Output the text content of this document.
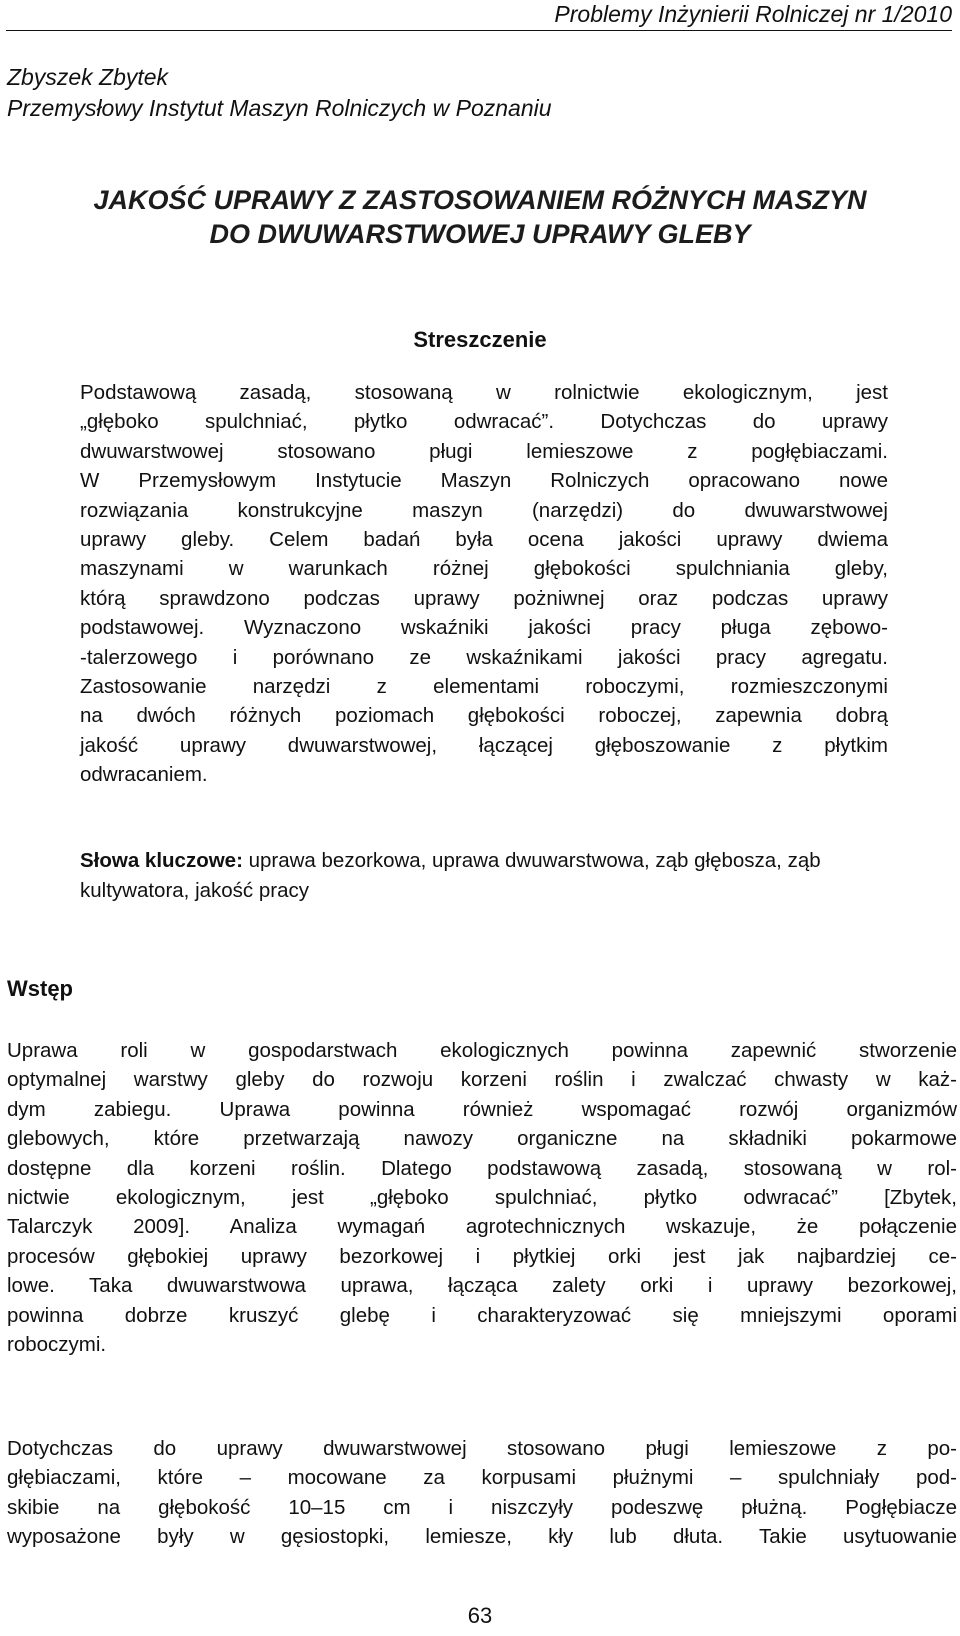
Problemy Inżynierii Rolniczej nr 1/2010
Zbyszek Zbytek
Przemysłowy Instytut Maszyn Rolniczych w Poznaniu
JAKOŚĆ UPRAWY Z ZASTOSOWANIEM RÓŻNYCH MASZYN
DO DWUWARSTWOWEJ UPRAWY GLEBY
Streszczenie
Podstawową zasadą, stosowaną w rolnictwie ekologicznym, jest
„głęboko spulchniać, płytko odwracać”. Dotychczas do uprawy
dwuwarstwowej stosowano pługi lemieszowe z pogłębiaczami.
W Przemysłowym Instytucie Maszyn Rolniczych opracowano nowe
rozwiązania konstrukcyjne maszyn (narzędzi) do dwuwarstwowej
uprawy gleby. Celem badań była ocena jakości uprawy dwiema
maszynami w warunkach różnej głębokości spulchniania gleby,
którą sprawdzono podczas uprawy pożniwnej oraz podczas uprawy
podstawowej. Wyznaczono wskaźniki jakości pracy pługa zębowo-
-talerzowego i porównano ze wskaźnikami jakości pracy agregatu.
Zastosowanie narzędzi z elementami roboczymi, rozmieszczonymi
na dwóch różnych poziomach głębokości roboczej, zapewnia dobrą
jakość uprawy dwuwarstwowej, łączącej głęboszowanie z płytkim
odwracaniem.
Słowa kluczowe: uprawa bezorkowa, uprawa dwuwarstwowa, ząb głębosza, ząb kultywatora, jakość pracy
Wstęp
Uprawa roli w gospodarstwach ekologicznych powinna zapewnić stworzenie
optymalnej warstwy gleby do rozwoju korzeni roślin i zwalczać chwasty w każ-
dym zabiegu. Uprawa powinna również wspomagać rozwój organizmów
glebowych, które przetwarzają nawozy organiczne na składniki pokarmowe
dostępne dla korzeni roślin. Dlatego podstawową zasadą, stosowaną w rol-
nictwie ekologicznym, jest „głęboko spulchniać, płytko odwracać” [Zbytek,
Talarczyk 2009]. Analiza wymagań agrotechnicznych wskazuje, że połączenie
procesów głębokiej uprawy bezorkowej i płytkiej orki jest jak najbardziej ce-
lowe. Taka dwuwarstwowa uprawa, łącząca zalety orki i uprawy bezorkowej,
powinna dobrze kruszyć glebę i charakteryzować się mniejszymi oporami
roboczymi.
Dotychczas do uprawy dwuwarstwowej stosowano pługi lemieszowe z po-
głębiaczami, które – mocowane za korpusami płużnymi – spulchniały pod-
skibie na głębokość 10–15 cm i niszczyły podeszwę płużną. Pogłębiacze
wyposażone były w gęsiostopki, lemiesze, kły lub dłuta. Takie usytuowanie
63
